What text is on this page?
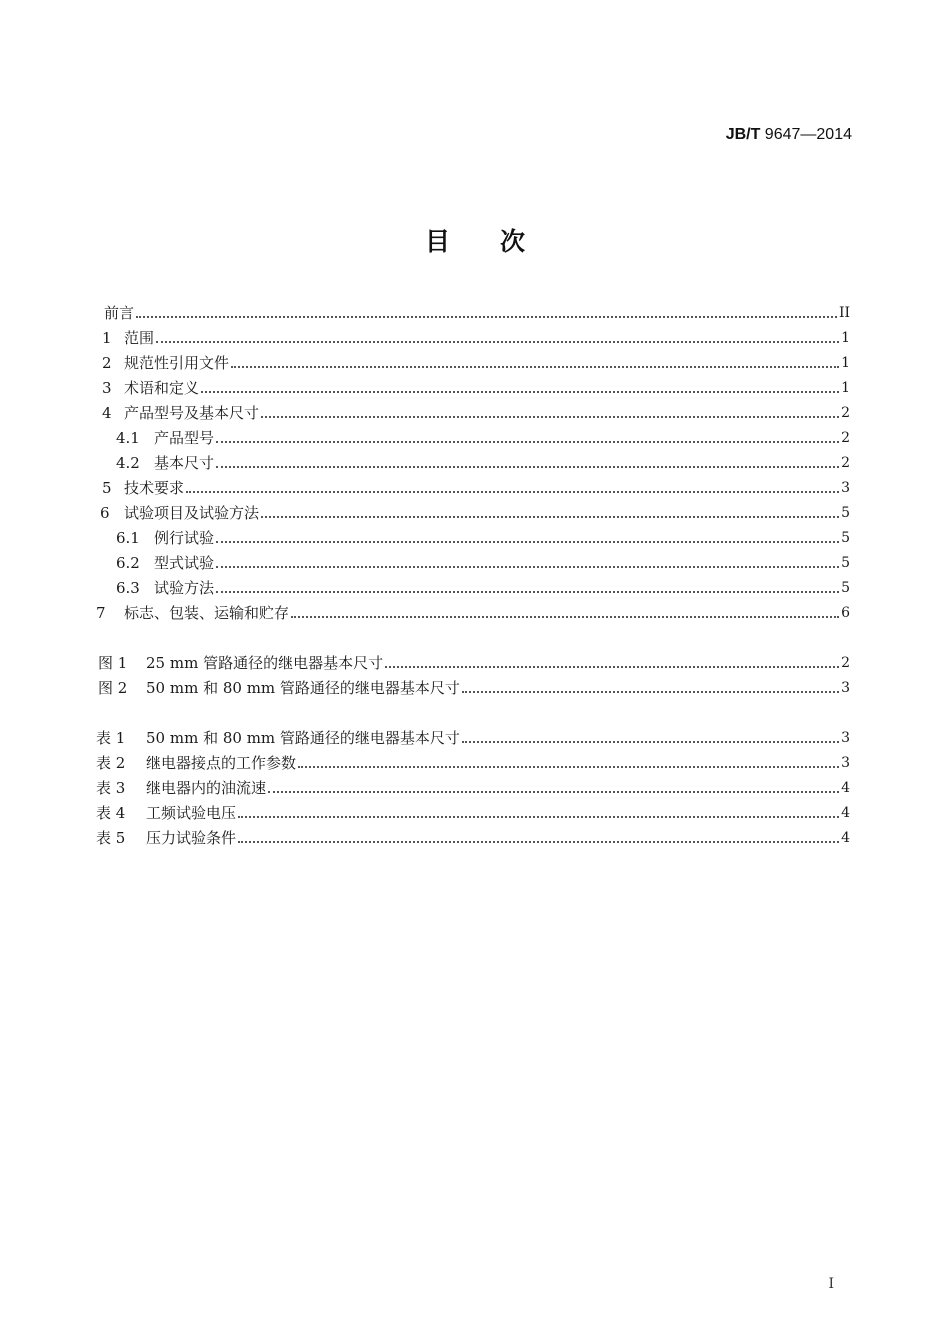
JB/T 9647—2014
目次
前言	II
1 范围	1
2 规范性引用文件	1
3 术语和定义	1
4 产品型号及基本尺寸	2
4.1 产品型号	2
4.2 基本尺寸	2
5 技术要求	3
6 试验项目及试验方法	5
6.1 例行试验	5
6.2 型式试验	5
6.3 试验方法	5
7	标志、包装、运输和贮存	6
图 1	25 mm 管路通径的继电器基本尺寸	2
图 2	50 mm 和 80 mm 管路通径的继电器基本尺寸	3
表 1	50 mm 和 80 mm 管路通径的继电器基本尺寸	3
表 2	继电器接点的工作参数	3
表 3	继电器内的油流速	4
表 4	工频试验电压	4
表 5	压力试验条件	4
I
